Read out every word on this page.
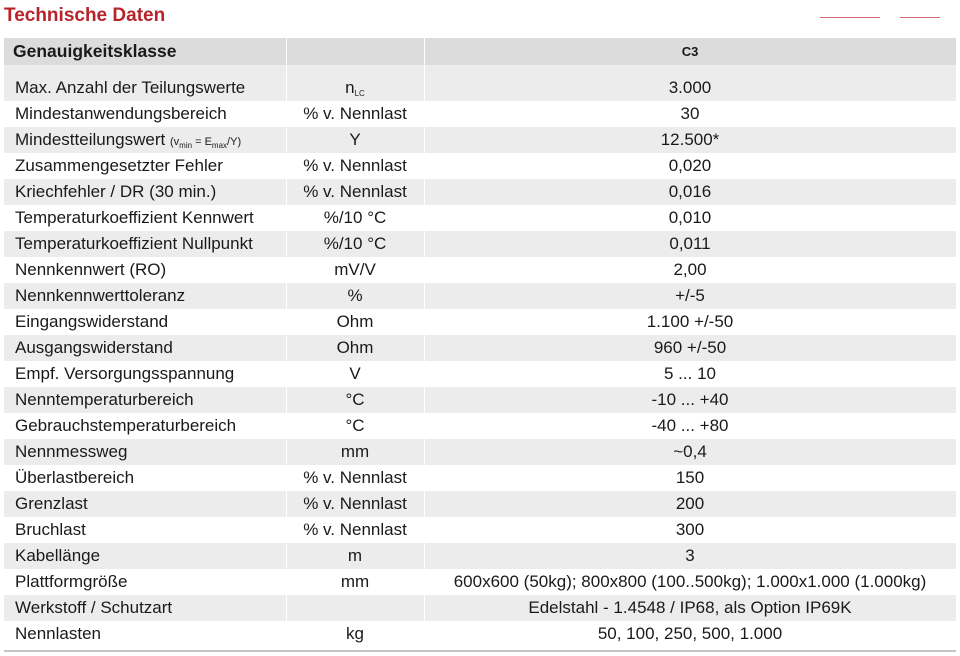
Technische Daten
Genauigkeitsklasse		C3

Max. Anzahl der Teilungswerte	$n_{LC}$	3.000
Mindestanwendungsbereich	% v. Nennlast	30
Mindestteilungswert $(v_{min} = E_{max}/Y)$	Y	12.500*
Zusammengesetzter Fehler	% v. Nennlast	0,020
Kriechfehler / DR (30 min.)	% v. Nennlast	0,016
Temperaturkoeffizient Kennwert	%/10 °C	0,010
Temperaturkoeffizient Nullpunkt	%/10 °C	0,011
Nennkennwert (RO)	mV/V	2,00
Nennkennwerttoleranz	%	+/-5
Eingangswiderstand	Ohm	1.100 +/-50
Ausgangswiderstand	Ohm	960 +/-50
Empf. Versorgungsspannung	V	5 ... 10
Nenntemperaturbereich	°C	-10 ... +40
Gebrauchstemperaturbereich	°C	-40 ... +80
Nennmessweg	mm	~0,4
Überlastbereich	% v. Nennlast	150
Grenzlast	% v. Nennlast	200
Bruchlast	% v. Nennlast	300
Kabellänge	m	3
Plattformgröße	mm	600x600 (50kg); 800x800 (100..500kg); 1.000x1.000 (1.000kg)
Werkstoff / Schutzart		Edelstahl - 1.4548 / IP68, als Option IP69K
Nennlasten	kg	50, 100, 250, 500, 1.000
